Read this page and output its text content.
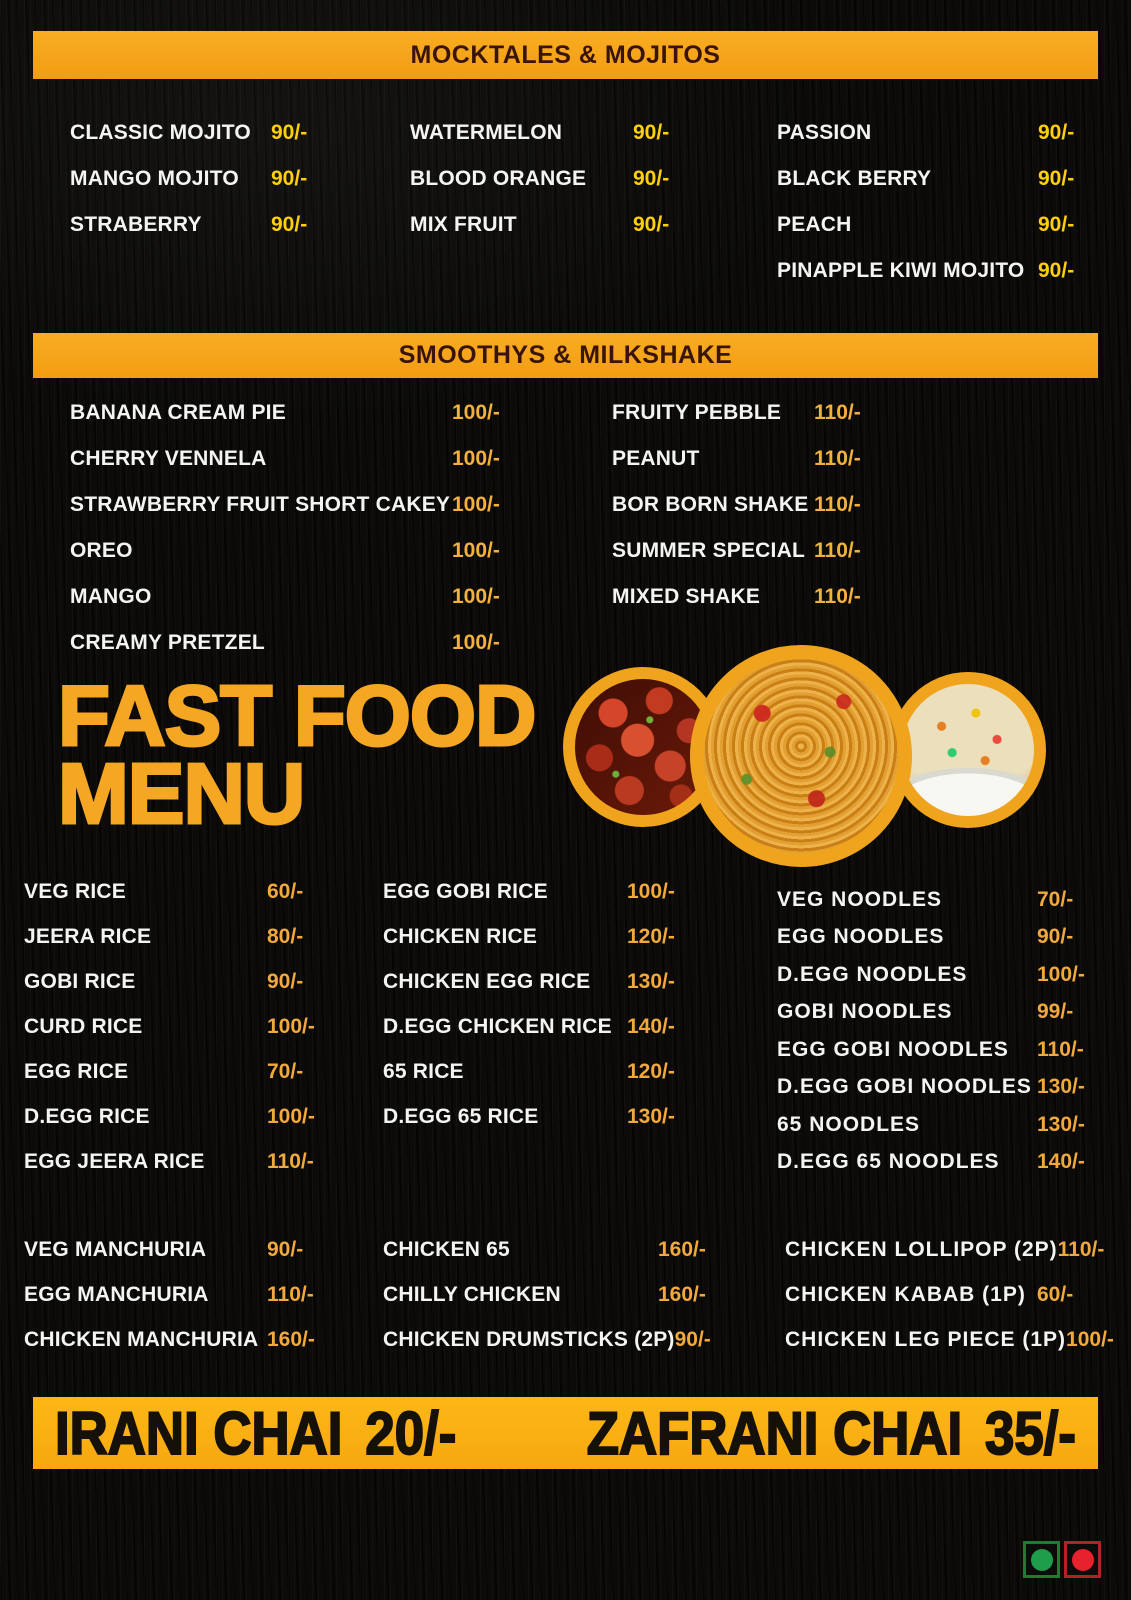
MOCKTALES & MOJITOS
CLASSIC MOJITO 90/-
MANGO MOJITO 90/-
STRABERRY	90/-
WATERMELON	90/-
BLOOD ORANGE 90/-
MIX FRUIT	90/-
PASSION	90/-
BLACK BERRY	90/-
PEACH	90/-
PINAPPLE KIWI MOJITO 90/-
SMOOTHYS & MILKSHAKE
BANANA CREAM PIE	100/-
CHERRY VENNELA	100/-
STRAWBERRY FRUIT SHORT CAKEY 100/-
OREO	100/-
MANGO	100/-
CREAMY PRETZEL	100/-
FRUITY PEBBLE 110/-
PEANUT	110/-
BOR BORN SHAKE 110/-
SUMMER SPECIAL 110/-
MIXED SHAKE	110/-
FAST FOOD
MENU
VEG RICE	60/-
JEERA RICE	80/-
GOBI RICE	90/-
CURD RICE	100/-
EGG RICE	70/-
D.EGG RICE	100/-
EGG JEERA RICE	110/-
EGG GOBI RICE	100/-
CHICKEN RICE	120/-
CHICKEN EGG RICE 130/-
D.EGG CHICKEN RICE 140/-
65 RICE	120/-
D.EGG 65 RICE	130/-
VEG NOODLES	70/-
EGG NOODLES	90/-
D.EGG NOODLES	100/-
GOBI NOODLES	99/-
EGG GOBI NOODLES 110/-
D.EGG GOBI NOODLES 130/-
65 NOODLES	130/-
D.EGG 65 NOODLES 140/-
VEG MANCHURIA	90/-
EGG MANCHURIA	110/-
CHICKEN MANCHURIA 160/-
CHICKEN 65	160/-
CHILLY CHICKEN	160/-
CHICKEN DRUMSTICKS (2P) 90/-
CHICKEN LOLLIPOP (2P) 110/-
CHICKEN KABAB (1P) 60/-
CHICKEN LEG PIECE (1P) 100/-
IRANI CHAI 20/- ZAFRANI CHAI 35/-
